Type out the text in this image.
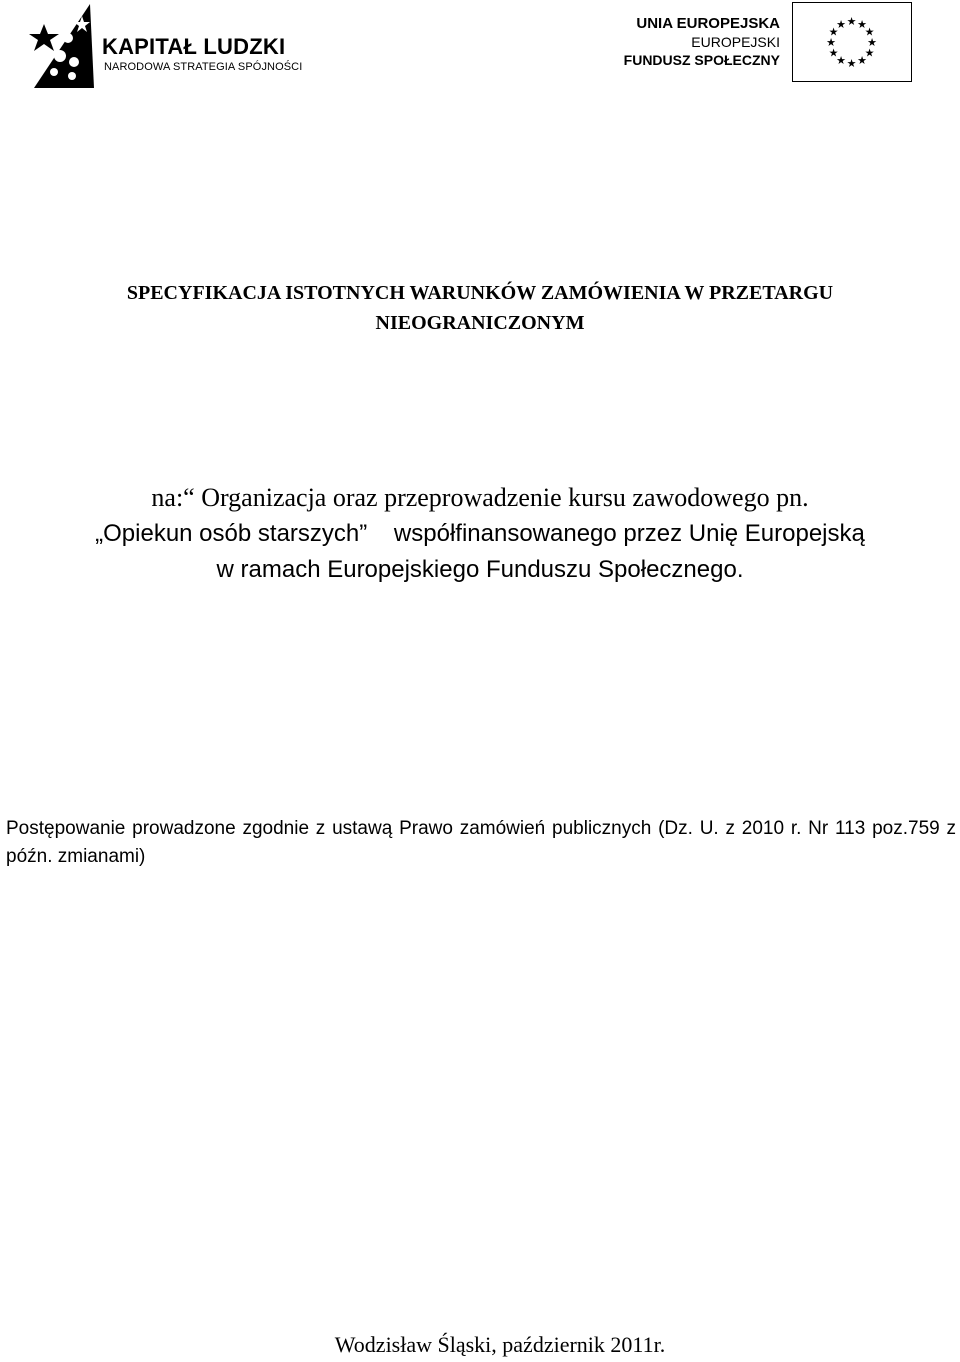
KAPITAŁ LUDZKI
NARODOWA STRATEGIA SPÓJNOŚCI
UNIA EUROPEJSKA
EUROPEJSKI
FUNDUSZ SPOŁECZNY
★ ★
★
★
★
★
★
★
★
★
★
★
SPECYFIKACJA ISTOTNYCH WARUNKÓW ZAMÓWIENIA W PRZETARGU
NIEOGRANICZONYM
na:“ Organizacja oraz przeprowadzenie kursu zawodowego pn.
„Opiekun osób starszych” współfinansowanego przez Unię Europejską
w ramach Europejskiego Funduszu Społecznego.
Postępowanie prowadzone zgodnie z ustawą Prawo zamówień publicznych (Dz. U. z 2010 r. Nr 113 poz.759 z późn. zmianami)
Wodzisław Śląski, październik 2011r.
